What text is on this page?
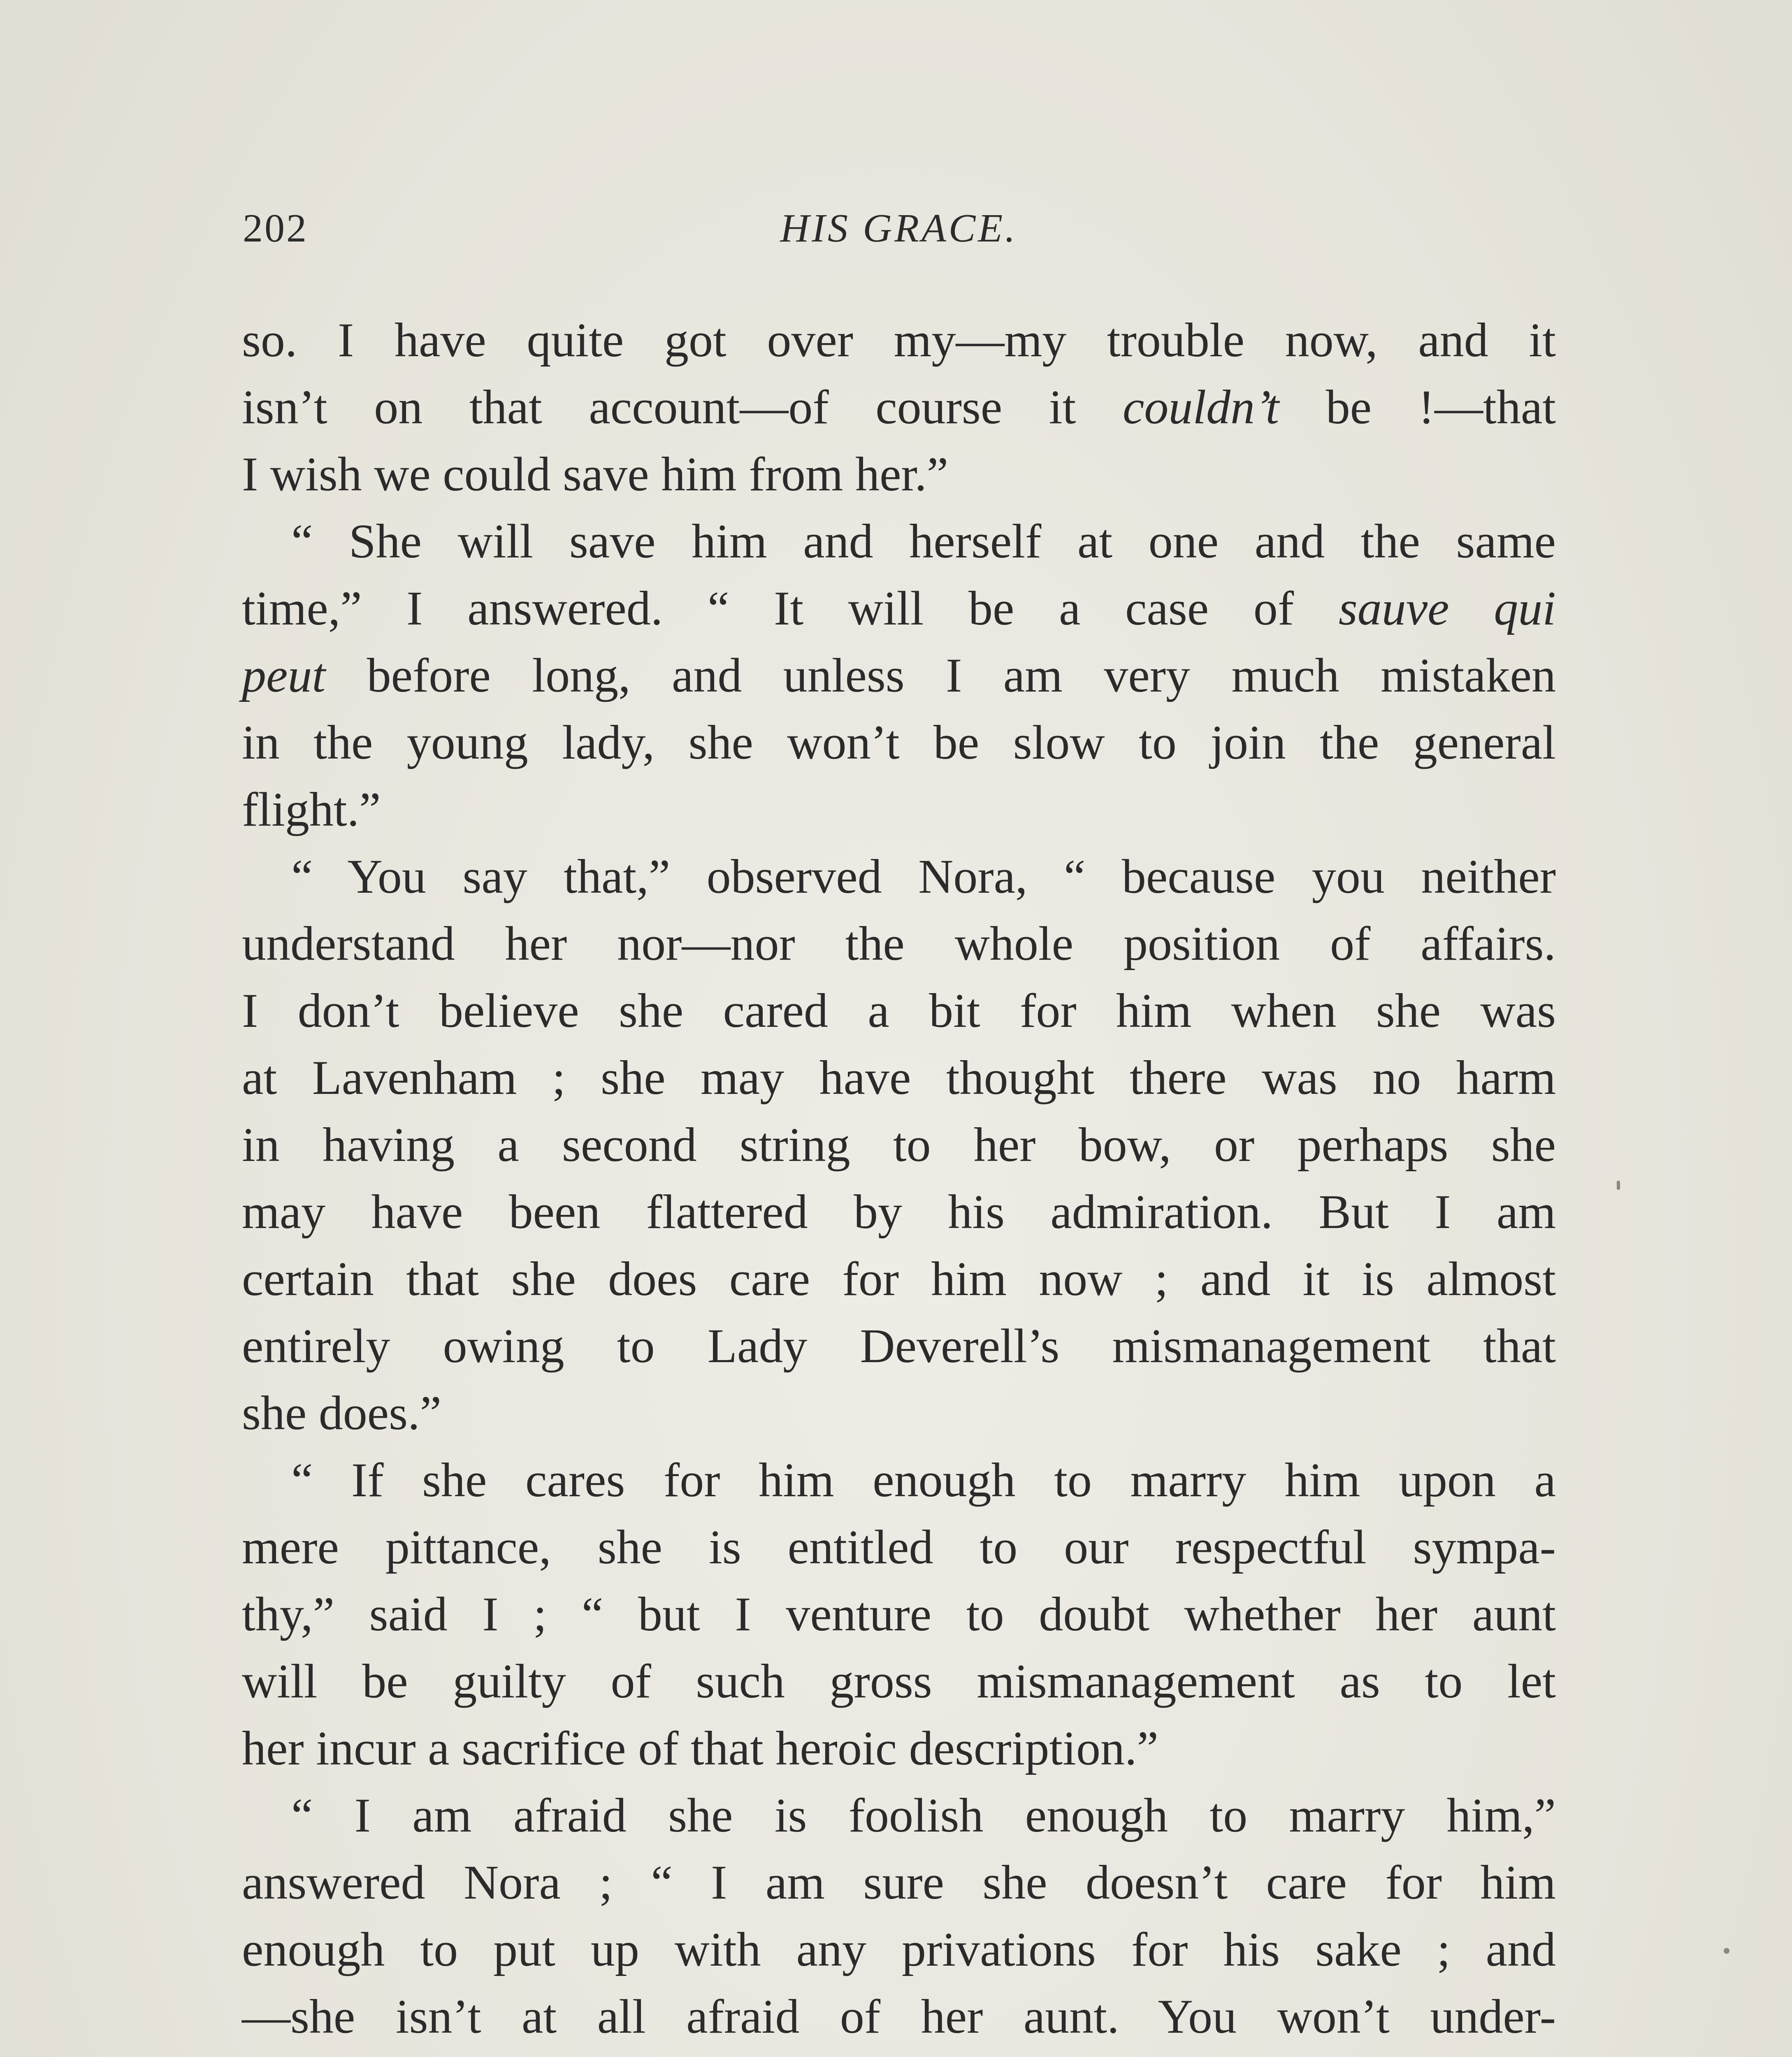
202	HIS GRACE.
so. I have quite got over my—my trouble now, and it
isn’t on that account—of course it couldn’t be !—that
I wish we could save him from her.”
“ She will save him and herself at one and the same
time,” I answered. “ It will be a case of sauve qui
peut before long, and unless I am very much mistaken
in the young lady, she won’t be slow to join the general
flight.”
“ You say that,” observed Nora, “ because you neither
understand her nor—nor the whole position of affairs.
I don’t believe she cared a bit for him when she was
at Lavenham ; she may have thought there was no harm
in having a second string to her bow, or perhaps she
may have been flattered by his admiration. But I am
certain that she does care for him now ; and it is almost
entirely owing to Lady Deverell’s mismanagement that
she does.”
“ If she cares for him enough to marry him upon a
mere pittance, she is entitled to our respectful sympa-
thy,” said I ; “ but I venture to doubt whether her aunt
will be guilty of such gross mismanagement as to let
her incur a sacrifice of that heroic description.”
“ I am afraid she is foolish enough to marry him,”
answered Nora ; “ I am sure she doesn’t care for him
enough to put up with any privations for his sake ; and
—she isn’t at all afraid of her aunt. You won’t under-
